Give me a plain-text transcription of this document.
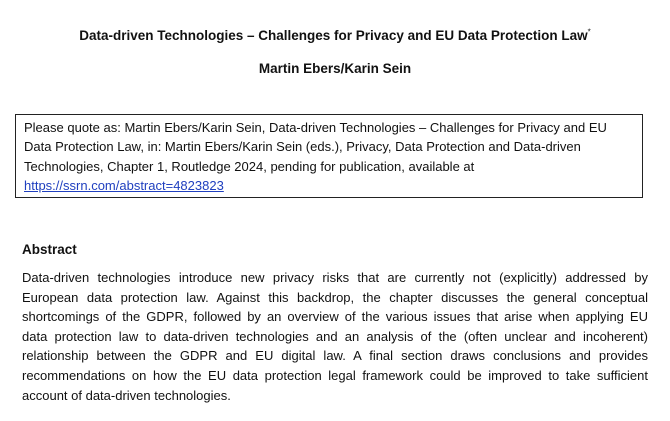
Data-driven Technologies – Challenges for Privacy and EU Data Protection Law*
Martin Ebers/Karin Sein
Please quote as: Martin Ebers/Karin Sein, Data-driven Technologies – Challenges for Privacy and EU
Data Protection Law, in: Martin Ebers/Karin Sein (eds.), Privacy, Data Protection and Data-driven
Technologies, Chapter 1, Routledge 2024, pending for publication, available at
https://ssrn.com/abstract=4823823
Abstract
Data-driven technologies introduce new privacy risks that are currently not (explicitly) addressed by
European data protection law. Against this backdrop, the chapter discusses the general conceptual
shortcomings of the GDPR, followed by an overview of the various issues that arise when applying EU
data protection law to data-driven technologies and an analysis of the (often unclear and incoherent)
relationship between the GDPR and EU digital law. A final section draws conclusions and provides
recommendations on how the EU data protection legal framework could be improved to take sufficient
account of data-driven technologies.
